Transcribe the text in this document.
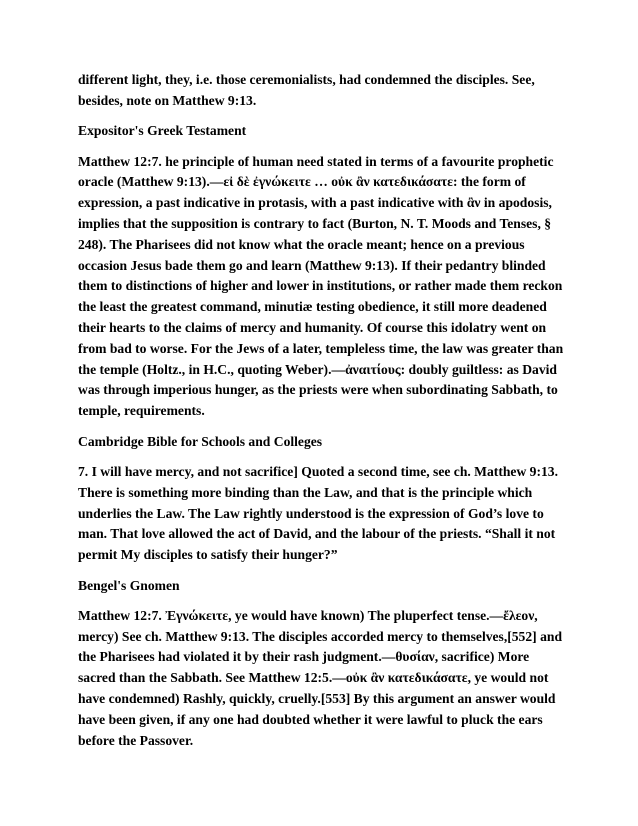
different light, they, i.e. those ceremonialists, had condemned the disciples. See, besides, note on Matthew 9:13.

Expositor's Greek Testament

Matthew 12:7. he principle of human need stated in terms of a favourite prophetic oracle (Matthew 9:13).—εἰ δὲ ἐγνώκειτε … οὐκ ἂν κατεδικάσατε: the form of expression, a past indicative in protasis, with a past indicative with ἂν in apodosis, implies that the supposition is contrary to fact (Burton, N. T. Moods and Tenses, § 248). The Pharisees did not know what the oracle meant; hence on a previous occasion Jesus bade them go and learn (Matthew 9:13). If their pedantry blinded them to distinctions of higher and lower in institutions, or rather made them reckon the least the greatest command, minutiæ testing obedience, it still more deadened their hearts to the claims of mercy and humanity. Of course this idolatry went on from bad to worse. For the Jews of a later, templeless time, the law was greater than the temple (Holtz., in H.C., quoting Weber).—ἀναιτίους: doubly guiltless: as David was through imperious hunger, as the priests were when subordinating Sabbath, to temple, requirements.

Cambridge Bible for Schools and Colleges

7. I will have mercy, and not sacrifice] Quoted a second time, see ch. Matthew 9:13. There is something more binding than the Law, and that is the principle which underlies the Law. The Law rightly understood is the expression of God’s love to man. That love allowed the act of David, and the labour of the priests. “Shall it not permit My disciples to satisfy their hunger?”

Bengel's Gnomen

Matthew 12:7. Ἐγνώκειτε, ye would have known) The pluperfect tense.—ἔλεον, mercy) See ch. Matthew 9:13. The disciples accorded mercy to themselves,[552] and the Pharisees had violated it by their rash judgment.—θυσίαν, sacrifice) More sacred than the Sabbath. See Matthew 12:5.—οὐκ ἂν κατεδικάσατε, ye would not have condemned) Rashly, quickly, cruelly.[553] By this argument an answer would have been given, if any one had doubted whether it were lawful to pluck the ears before the Passover.
